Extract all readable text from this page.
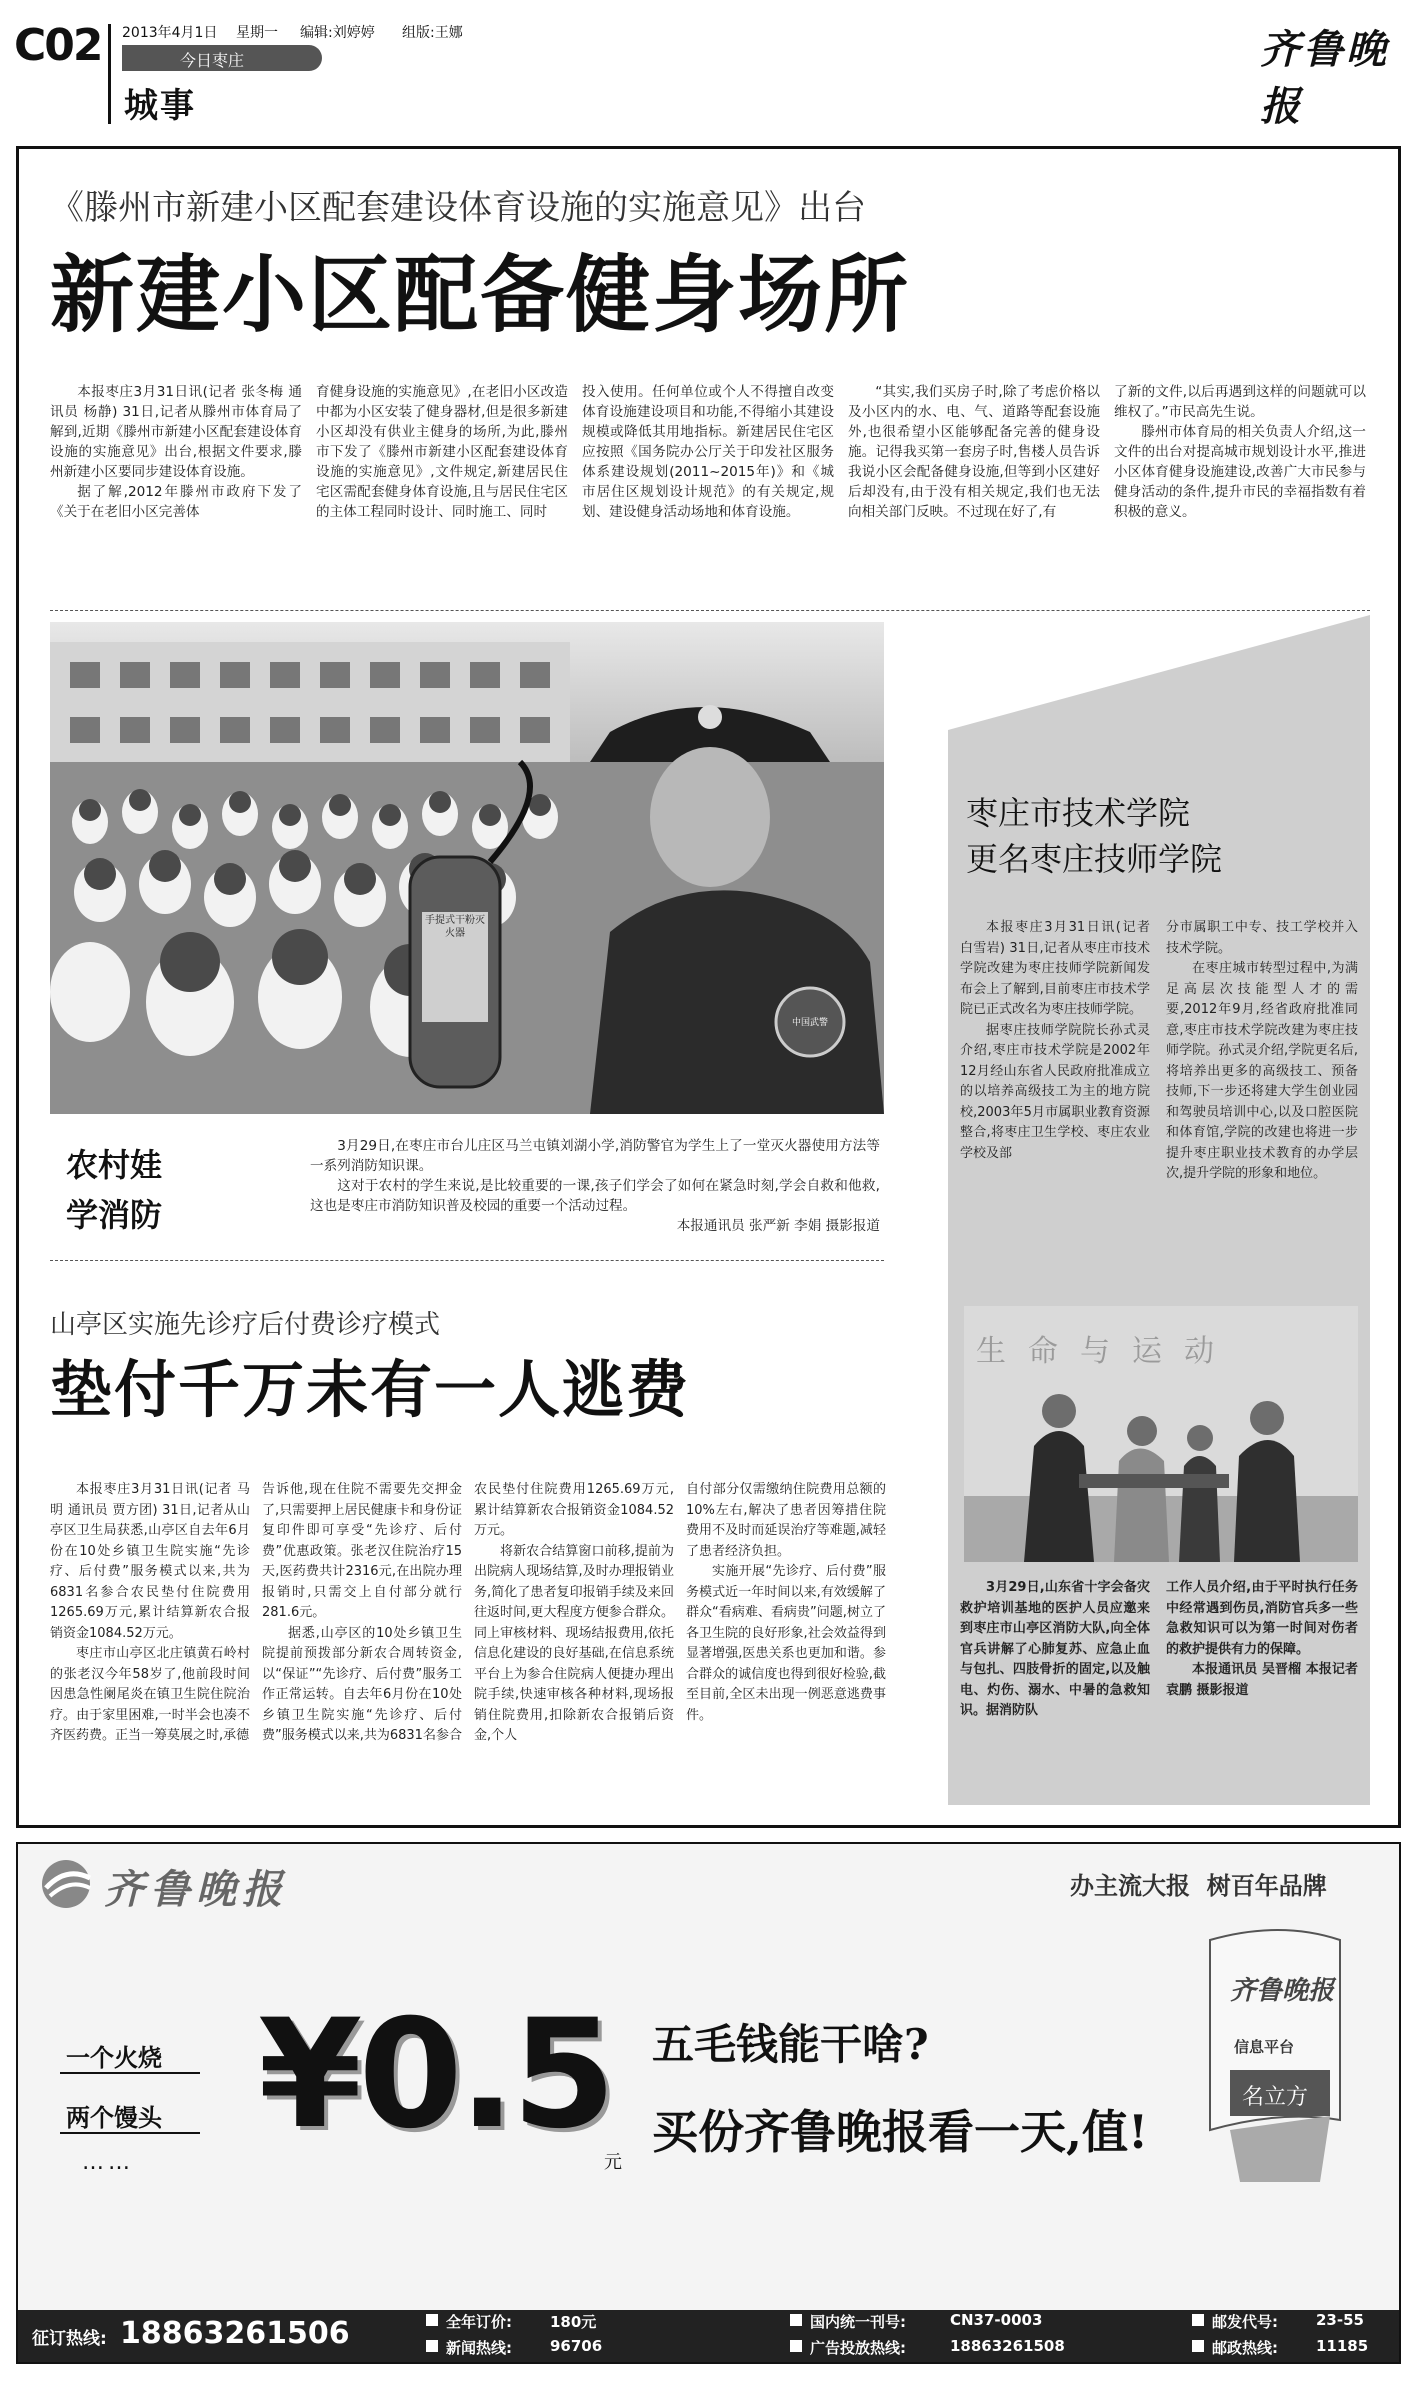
C02 2013年4月1日 星期一 编辑:刘婷婷 组版:王娜
今日枣庄
城事
齐鲁晚报
《滕州市新建小区配套建设体育设施的实施意见》出台
新建小区配备健身场所

本报枣庄3月31日讯(记者 张冬梅 通讯员 杨静) 31日,记者从滕州市体育局了解到,近期《滕州市新建小区配套建设体育设施的实施意见》出台,根据文件要求,滕州新建小区要同步建设体育设施。

据了解,2012年滕州市政府下发了《关于在老旧小区完善体

育健身设施的实施意见》,在老旧小区改造中都为小区安装了健身器材,但是很多新建小区却没有供业主健身的场所,为此,滕州市下发了《滕州市新建小区配套建设体育设施的实施意见》,文件规定,新建居民住宅区需配套健身体育设施,且与居民住宅区的主体工程同时设计、同时施工、同时

投入使用。任何单位或个人不得擅自改变体育设施建设项目和功能,不得缩小其建设规模或降低其用地指标。新建居民住宅区应按照《国务院办公厅关于印发社区服务体系建设规划(2011~2015年)》和《城市居住区规划设计规范》的有关规定,规划、建设健身活动场地和体育设施。

“其实,我们买房子时,除了考虑价格以及小区内的水、电、气、道路等配套设施外,也很希望小区能够配备完善的健身设施。记得我买第一套房子时,售楼人员告诉我说小区会配备健身设施,但等到小区建好后却没有,由于没有相关规定,我们也无法向相关部门反映。不过现在好了,有

了新的文件,以后再遇到这样的问题就可以维权了。”市民高先生说。

滕州市体育局的相关负责人介绍,这一文件的出台对提高城市规划设计水平,推进小区体育健身设施建设,改善广大市民参与健身活动的条件,提升市民的幸福指数有着积极的意义。

手提式干粉灭火器
中国武警
农村娃
学消防

3月29日,在枣庄市台儿庄区马兰屯镇刘湖小学,消防警官为学生上了一堂灭火器使用方法等一系列消防知识课。

这对于农村的学生来说,是比较重要的一课,孩子们学会了如何在紧急时刻,学会自救和他救,这也是枣庄市消防知识普及校园的重要一个活动过程。

本报通讯员 张严新 李娟 摄影报道

枣庄市技术学院
更名枣庄技师学院

本报枣庄3月31日讯(记者 白雪岩) 31日,记者从枣庄市技术学院改建为枣庄技师学院新闻发布会上了解到,目前枣庄市技术学院已正式改名为枣庄技师学院。

据枣庄技师学院院长孙式灵介绍,枣庄市技术学院是2002年12月经山东省人民政府批准成立的以培养高级技工为主的地方院校,2003年5月市属职业教育资源整合,将枣庄卫生学校、枣庄农业学校及部

分市属职工中专、技工学校并入技术学院。

在枣庄城市转型过程中,为满足高层次技能型人才的需要,2012年9月,经省政府批准同意,枣庄市技术学院改建为枣庄技师学院。孙式灵介绍,学院更名后,将培养出更多的高级技工、预备技师,下一步还将建大学生创业园和驾驶员培训中心,以及口腔医院和体育馆,学院的改建也将进一步提升枣庄职业技术教育的办学层次,提升学院的形象和地位。

生命与运动

3月29日,山东省十字会备灾救护培训基地的医护人员应邀来到枣庄市山亭区消防大队,向全体官兵讲解了心肺复苏、应急止血与包扎、四肢骨折的固定,以及触电、灼伤、溺水、中暑的急救知识。据消防队

工作人员介绍,由于平时执行任务中经常遇到伤员,消防官兵多一些急救知识可以为第一时间对伤者的救护提供有力的保障。

本报通讯员 吴晋榴 本报记者 袁鹏 摄影报道

山亭区实施先诊疗后付费诊疗模式
垫付千万未有一人逃费

本报枣庄3月31日讯(记者 马明 通讯员 贾方团) 31日,记者从山亭区卫生局获悉,山亭区自去年6月份在10处乡镇卫生院实施“先诊疗、后付费”服务模式以来,共为6831名参合农民垫付住院费用1265.69万元,累计结算新农合报销资金1084.52万元。

枣庄市山亭区北庄镇黄石岭村的张老汉今年58岁了,他前段时间因患急性阑尾炎在镇卫生院住院治疗。由于家里困难,一时半会也凑不齐医药费。正当一筹莫展之时,承德

告诉他,现在住院不需要先交押金了,只需要押上居民健康卡和身份证复印件即可享受“先诊疗、后付费”优惠政策。张老汉住院治疗15天,医药费共计2316元,在出院办理报销时,只需交上自付部分就行281.6元。

据悉,山亭区的10处乡镇卫生院提前预拨部分新农合周转资金,以“保证”“先诊疗、后付费”服务工作正常运转。自去年6月份在10处乡镇卫生院实施“先诊疗、后付费”服务模式以来,共为6831名参合

农民垫付住院费用1265.69万元,累计结算新农合报销资金1084.52万元。

将新农合结算窗口前移,提前为出院病人现场结算,及时办理报销业务,简化了患者复印报销手续及来回往返时间,更大程度方便参合群众。同上审核材料、现场结报费用,依托信息化建设的良好基础,在信息系统平台上为参合住院病人便捷办理出院手续,快速审核各种材料,现场报销住院费用,扣除新农合报销后资金,个人

自付部分仅需缴纳住院费用总额的10%左右,解决了患者因筹措住院费用不及时而延误治疗等难题,减轻了患者经济负担。

实施开展“先诊疗、后付费”服务模式近一年时间以来,有效缓解了群众“看病难、看病贵”问题,树立了各卫生院的良好形象,社会效益得到显著增强,医患关系也更加和谐。参合群众的诚信度也得到很好检验,截至目前,全区未出现一例恶意逃费事件。

齐鲁晚报	办主流大报  树百年品牌
一个火烧
两个馒头
……
¥0.5
元
五毛钱能干啥?
买份齐鲁晚报看一天,值!
齐鲁晚报
信息平台
名立方
征订热线: 18863261506	全年订价:	180元
新闻热线:	96706
国内统一刊号:	CN37-0003
广告投放热线:	18863261508
邮发代号:	23-55
邮政热线:	11185
